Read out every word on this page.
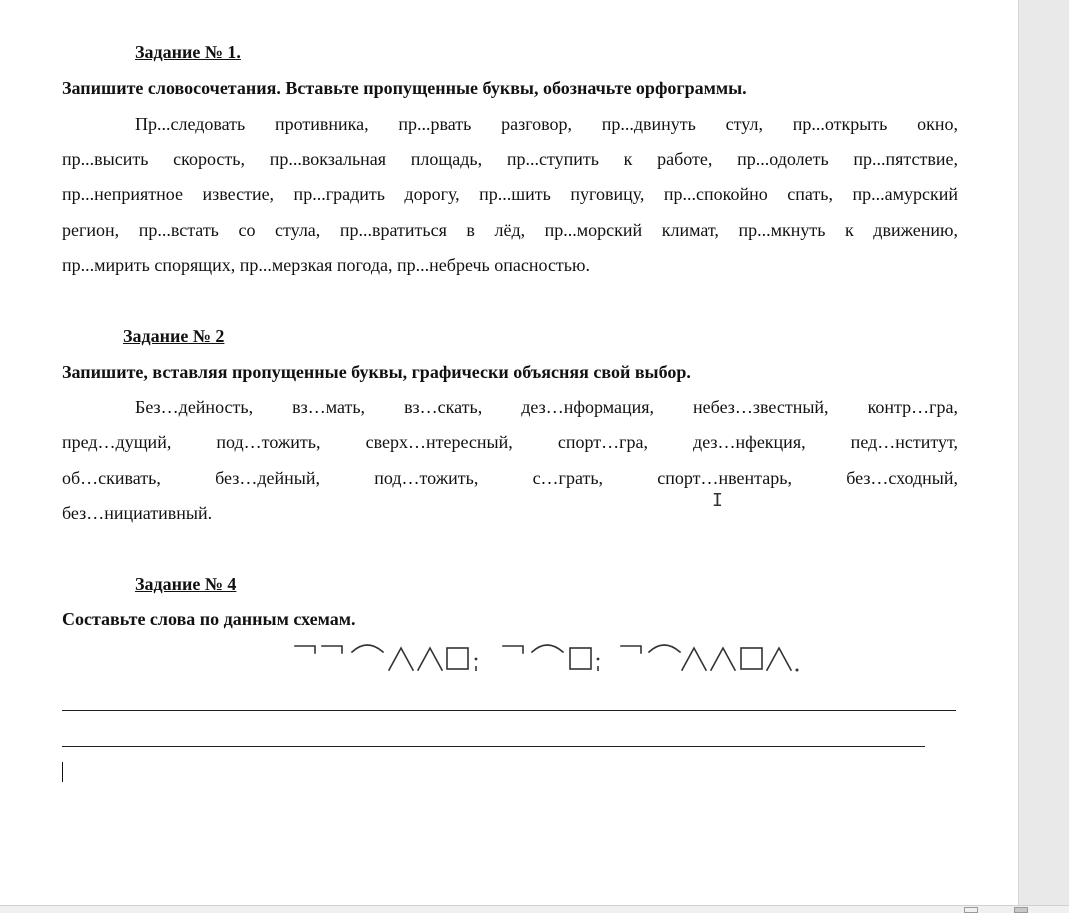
Задание № 1.
Запишите словосочетания. Вставьте пропущенные буквы, обозначьте орфограммы.
Пр...следовать противника, пр...рвать разговор, пр...двинуть стул, пр...открыть окно,
пр...высить скорость, пр...вокзальная площадь, пр...ступить к работе, пр...одолеть пр...пятствие,
пр...неприятное известие, пр...градить дорогу, пр...шить пуговицу, пр...спокойно спать, пр...амурский
регион, пр...встать со стула, пр...вратиться в лёд, пр...морский климат, пр...мкнуть к движению,
пр...мирить спорящих, пр...мерзкая погода, пр...небречь опасностью.
Задание № 2
Запишите, вставляя пропущенные буквы, графически объясняя свой выбор.
Без…дейность, вз…мать, вз…скать, дез…нформация, небез…звестный, контр…гра,
пред…дущий, под…тожить, сверх…нтересный, спорт…гра, дез…нфекция, пед…нститут,
об…скивать, без…дейный, под…тожить, с…грать, спорт…нвентарь, без…сходный,
без…нициативный.
Задание № 4
Составьте слова по данным схемам.
I
